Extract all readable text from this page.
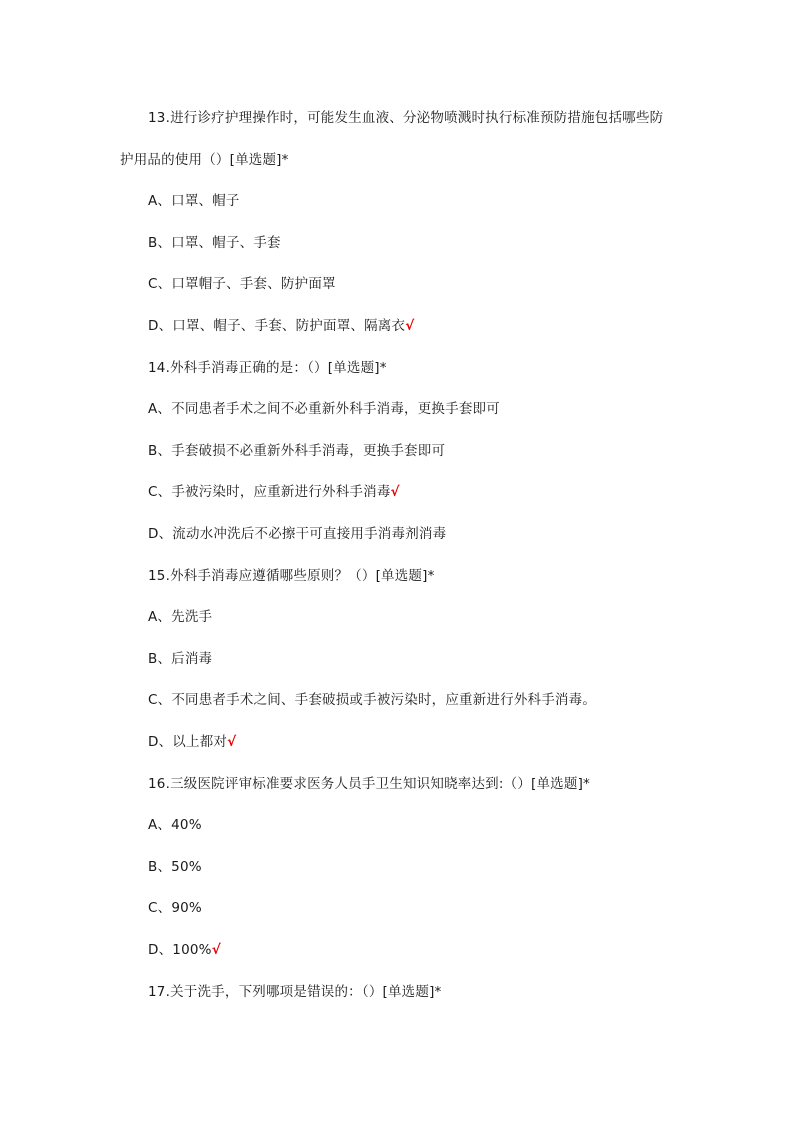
13.进行诊疗护理操作时，可能发生血液、分泌物喷溅时执行标准预防措施包括哪些防
护用品的使用（）[单选题]*
A、口罩、帽子
B、口罩、帽子、手套
C、口罩帽子、手套、防护面罩
D、口罩、帽子、手套、防护面罩、隔离衣√
14.外科手消毒正确的是：（）[单选题]*
A、不同患者手术之间不必重新外科手消毒，更换手套即可
B、手套破损不必重新外科手消毒，更换手套即可
C、手被污染时，应重新进行外科手消毒√
D、流动水冲洗后不必擦干可直接用手消毒剂消毒
15.外科手消毒应遵循哪些原则？（）[单选题]*
A、先洗手
B、后消毒
C、不同患者手术之间、手套破损或手被污染时，应重新进行外科手消毒。
D、以上都对√
16.三级医院评审标准要求医务人员手卫生知识知晓率达到:（）[单选题]*
A、40%
B、50%
C、90%
D、100%√
17.关于洗手，下列哪项是错误的：（）[单选题]*
